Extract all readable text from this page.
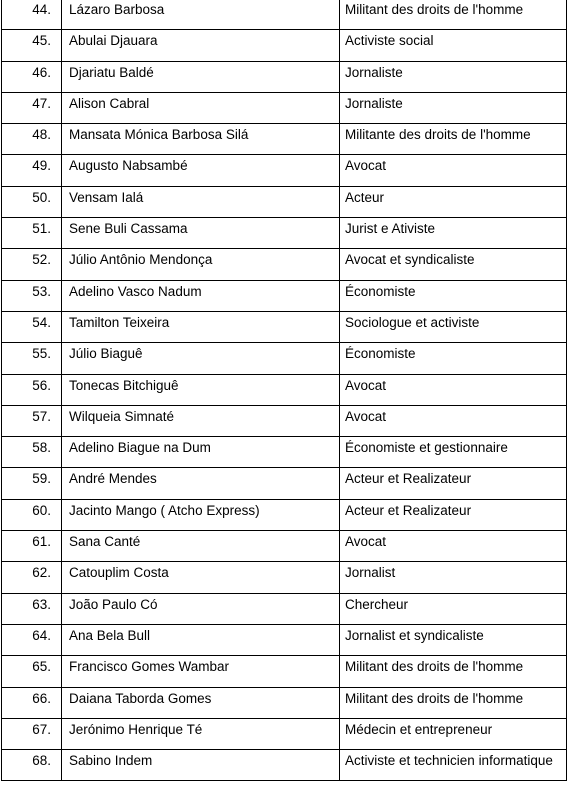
44.	Lázaro Barbosa	Militant des droits de l'homme
45.	Abulai Djauara	Activiste social
46.	Djariatu Baldé	Jornaliste
47.	Alison Cabral	Jornaliste
48.	Mansata Mónica Barbosa Silá	Militante des droits de l'homme
49.	Augusto Nabsambé	Avocat
50.	Vensam Ialá	Acteur
51.	Sene Buli Cassama	Jurist e Ativiste
52.	Júlio Antônio Mendonça	Avocat et syndicaliste
53.	Adelino Vasco Nadum	Économiste
54.	Tamilton Teixeira	Sociologue et activiste
55.	Júlio Biaguê	Économiste
56.	Tonecas Bitchiguê	Avocat
57.	Wilqueia Simnaté	Avocat
58.	Adelino Biague na Dum	Économiste et gestionnaire
59.	André Mendes	Acteur et Realizateur
60.	Jacinto Mango ( Atcho Express)	Acteur et Realizateur
61.	Sana Canté	Avocat
62.	Catouplim Costa	Jornalist
63.	João Paulo Có	Chercheur
64.	Ana Bela Bull	Jornalist et syndicaliste
65.	Francisco Gomes Wambar	Militant des droits de l'homme
66.	Daiana Taborda Gomes	Militant des droits de l'homme
67.	Jerónimo Henrique Té	Médecin et entrepreneur
68.	Sabino Indem	Activiste et technicien informatique
